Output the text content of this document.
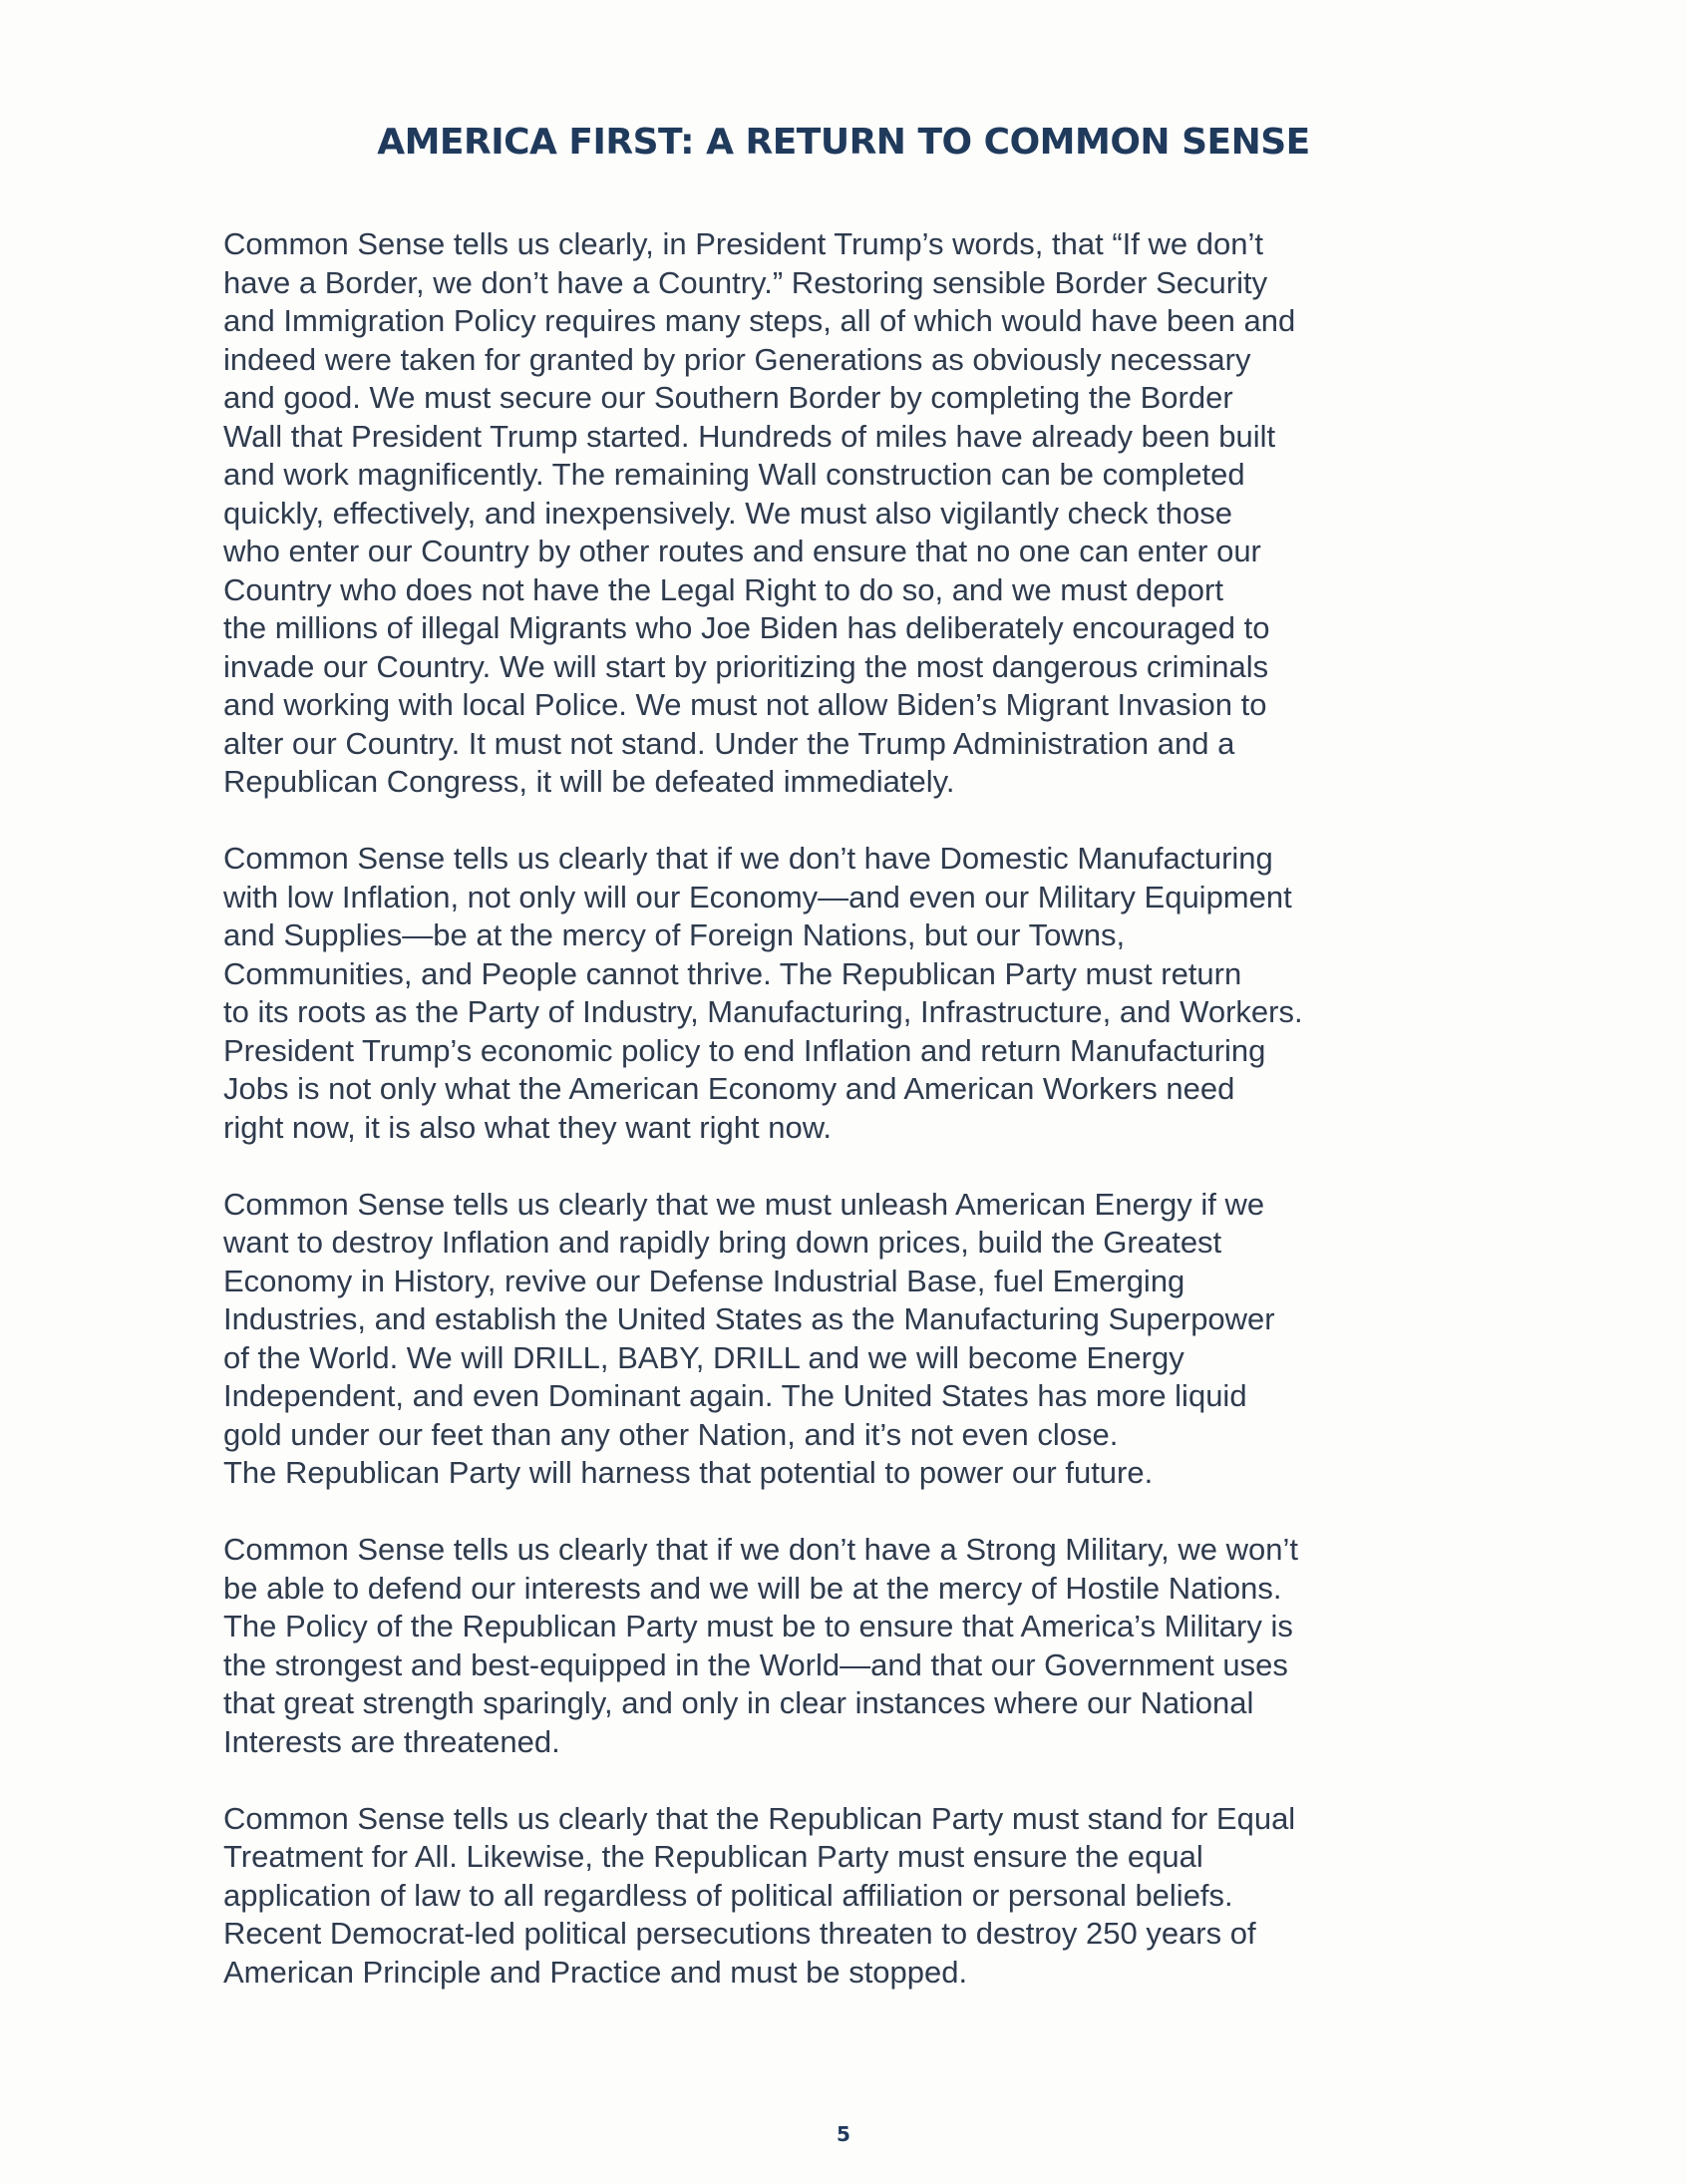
AMERICA FIRST: A RETURN TO COMMON SENSE

Common Sense tells us clearly, in President Trump’s words, that “If we don’t
have a Border, we don’t have a Country.” Restoring sensible Border Security
and Immigration Policy requires many steps, all of which would have been and
indeed were taken for granted by prior Generations as obviously necessary
and good. We must secure our Southern Border by completing the Border
Wall that President Trump started. Hundreds of miles have already been built
and work magnificently. The remaining Wall construction can be completed
quickly, effectively, and inexpensively. We must also vigilantly check those
who enter our Country by other routes and ensure that no one can enter our
Country who does not have the Legal Right to do so, and we must deport
the millions of illegal Migrants who Joe Biden has deliberately encouraged to
invade our Country. We will start by prioritizing the most dangerous criminals
and working with local Police. We must not allow Biden’s Migrant Invasion to
alter our Country. It must not stand. Under the Trump Administration and a
Republican Congress, it will be defeated immediately.

Common Sense tells us clearly that if we don’t have Domestic Manufacturing
with low Inflation, not only will our Economy—and even our Military Equipment
and Supplies—be at the mercy of Foreign Nations, but our Towns,
Communities, and People cannot thrive. The Republican Party must return
to its roots as the Party of Industry, Manufacturing, Infrastructure, and Workers.
President Trump’s economic policy to end Inflation and return Manufacturing
Jobs is not only what the American Economy and American Workers need
right now, it is also what they want right now.

Common Sense tells us clearly that we must unleash American Energy if we
want to destroy Inflation and rapidly bring down prices, build the Greatest
Economy in History, revive our Defense Industrial Base, fuel Emerging
Industries, and establish the United States as the Manufacturing Superpower
of the World. We will DRILL, BABY, DRILL and we will become Energy
Independent, and even Dominant again. The United States has more liquid
gold under our feet than any other Nation, and it’s not even close.
The Republican Party will harness that potential to power our future.

Common Sense tells us clearly that if we don’t have a Strong Military, we won’t
be able to defend our interests and we will be at the mercy of Hostile Nations.
The Policy of the Republican Party must be to ensure that America’s Military is
the strongest and best-equipped in the World—and that our Government uses
that great strength sparingly, and only in clear instances where our National
Interests are threatened.

Common Sense tells us clearly that the Republican Party must stand for Equal
Treatment for All. Likewise, the Republican Party must ensure the equal
application of law to all regardless of political affiliation or personal beliefs.
Recent Democrat-led political persecutions threaten to destroy 250 years of
American Principle and Practice and must be stopped.

5
